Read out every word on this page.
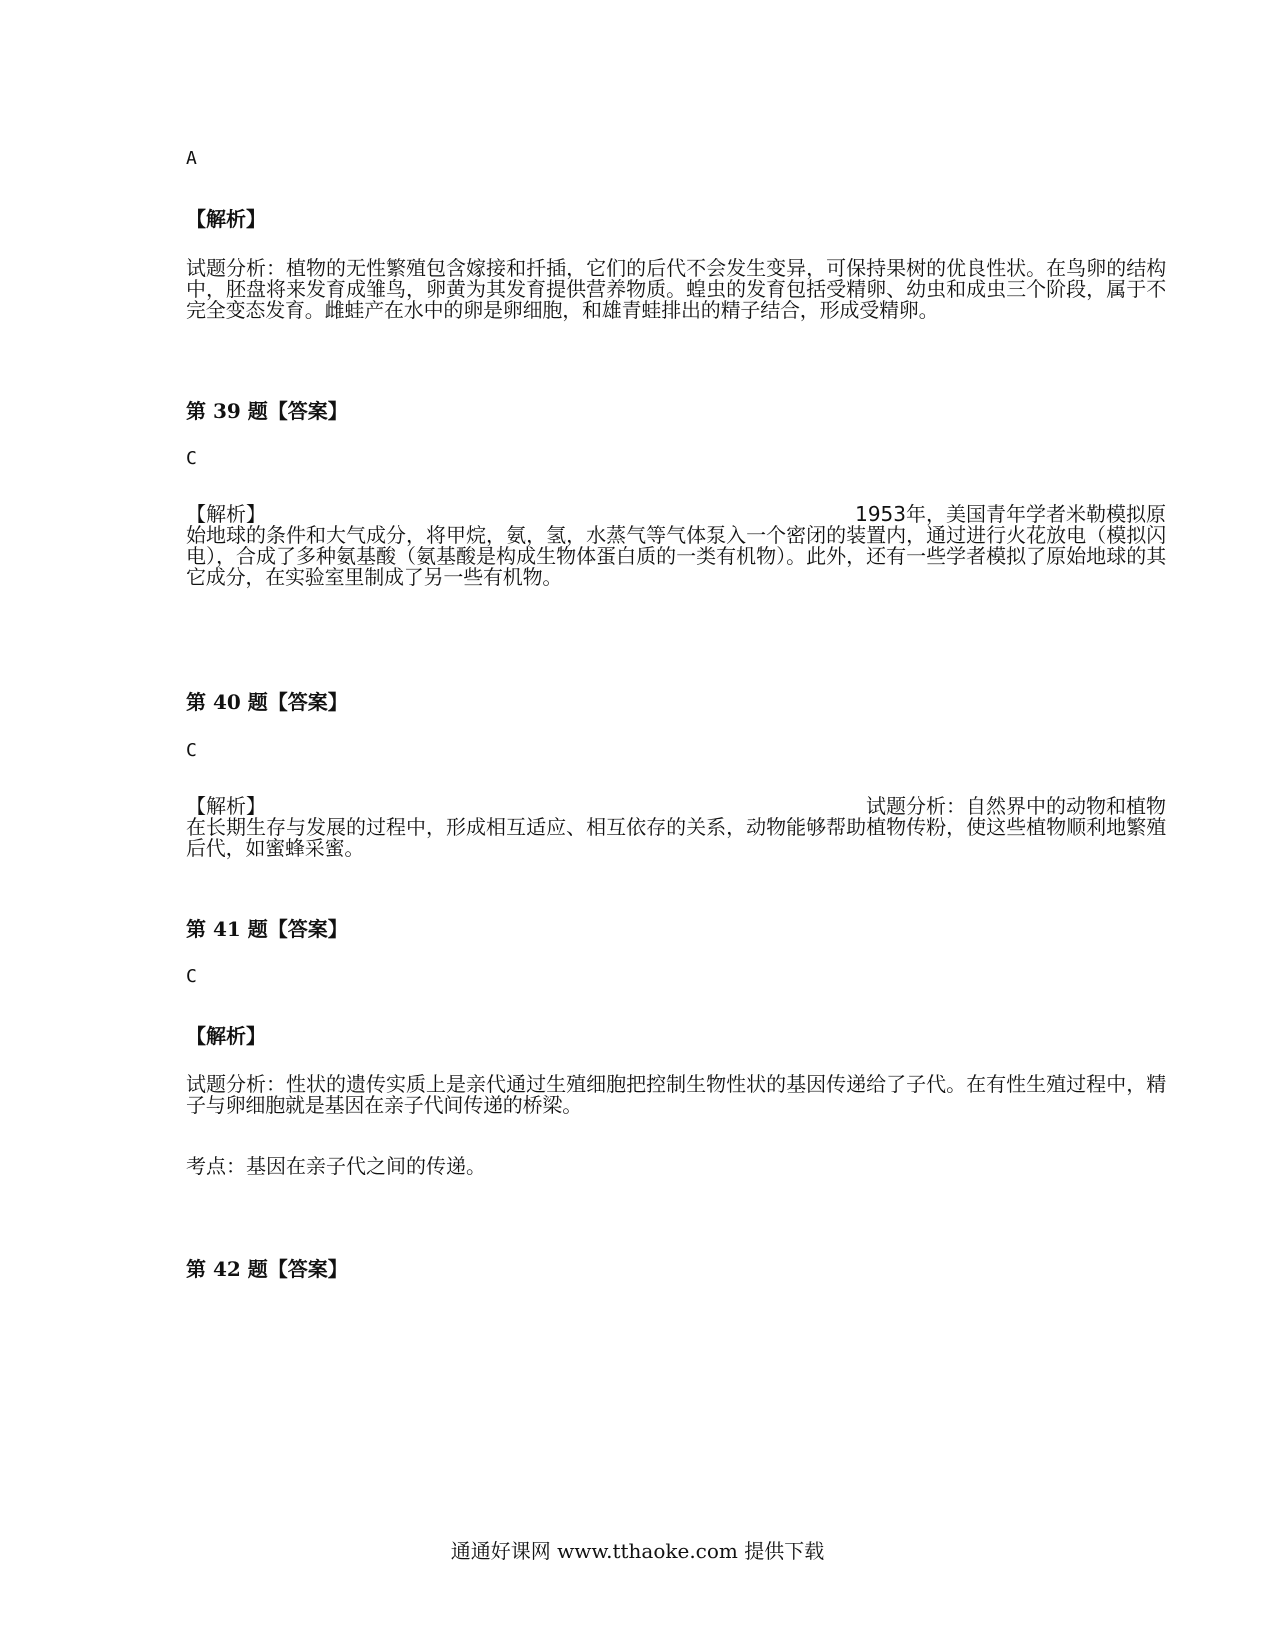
A
【解析】
试题分析：植物的无性繁殖包含嫁接和扦插，它们的后代不会发生变异，可保持果树的优良性状。在鸟卵的结构中，胚盘将来发育成雏鸟，卵黄为其发育提供营养物质。蝗虫的发育包括受精卵、幼虫和成虫三个阶段，属于不完全变态发育。雌蛙产在水中的卵是卵细胞，和雄青蛙排出的精子结合，形成受精卵。
第 39 题【答案】
C
【解析】	1953年，美国青年学者米勒模拟原
始地球的条件和大气成分，将甲烷，氨，氢，水蒸气等气体泵入一个密闭的装置内，通过进行火花放电（模拟闪电），合成了多种氨基酸（氨基酸是构成生物体蛋白质的一类有机物）。此外，还有一些学者模拟了原始地球的其它成分，在实验室里制成了另一些有机物。
第 40 题【答案】
C
【解析】	试题分析：自然界中的动物和植物
在长期生存与发展的过程中，形成相互适应、相互依存的关系，动物能够帮助植物传粉，使这些植物顺利地繁殖后代，如蜜蜂采蜜。
第 41 题【答案】
C
【解析】
试题分析：性状的遗传实质上是亲代通过生殖细胞把控制生物性状的基因传递给了子代。在有性生殖过程中，精子与卵细胞就是基因在亲子代间传递的桥梁。
考点：基因在亲子代之间的传递。
第 42 题【答案】
通通好课网 www.tthaoke.com 提供下载
